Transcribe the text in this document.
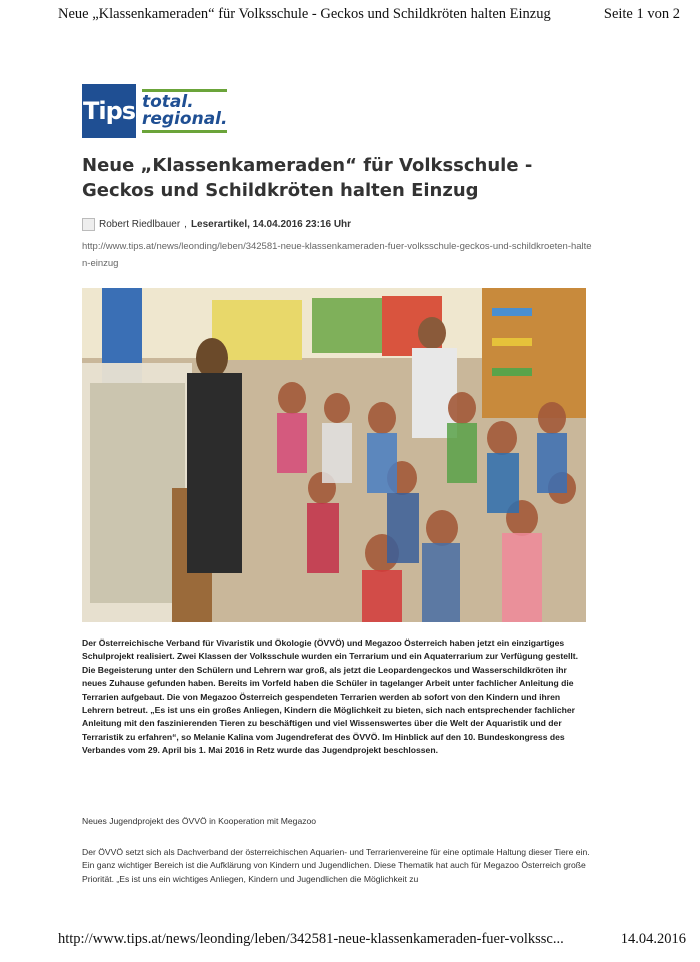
Neue „Klassenkameraden“ für Volksschule - Geckos und Schildkröten halten Einzug	Seite 1 von 2
Tips total.
regional.
Neue „Klassenkameraden“ für Volksschule - Geckos und Schildkröten halten Einzug
Robert Riedlbauer , Leserartikel, 14.04.2016 23:16 Uhr
http://www.tips.at/news/leonding/leben/342581-neue-klassenkameraden-fuer-volksschule-geckos-und-schildkroeten-halten-einzug

Der Österreichische Verband für Vivaristik und Ökologie (ÖVVÖ) und Megazoo Österreich haben jetzt ein einzigartiges Schulprojekt realisiert. Zwei Klassen der Volksschule wurden ein Terrarium und ein Aquaterrarium zur Verfügung gestellt. Die Begeisterung unter den Schülern und Lehrern war groß, als jetzt die Leopardengeckos und Wasserschildkröten ihr neues Zuhause gefunden haben. Bereits im Vorfeld haben die Schüler in tagelanger Arbeit unter fachlicher Anleitung die Terrarien aufgebaut. Die von Megazoo Österreich gespendeten Terrarien werden ab sofort von den Kindern und ihren Lehrern betreut. „Es ist uns ein großes Anliegen, Kindern die Möglichkeit zu bieten, sich nach entsprechender fachlicher Anleitung mit den faszinierenden Tieren zu beschäftigen und viel Wissenswertes über die Welt der Aquaristik und der Terraristik zu erfahren“, so Melanie Kalina vom Jugendreferat des ÖVVÖ. Im Hinblick auf den 10. Bundeskongress des Verbandes vom 29. April bis 1. Mai 2016 in Retz wurde das Jugendprojekt beschlossen.

Neues Jugendprojekt des ÖVVÖ in Kooperation mit Megazoo

Der ÖVVÖ setzt sich als Dachverband der österreichischen Aquarien- und Terrarienvereine für eine optimale Haltung dieser Tiere ein. Ein ganz wichtiger Bereich ist die Aufklärung von Kindern und Jugendlichen. Diese Thematik hat auch für Megazoo Österreich große Priorität. „Es ist uns ein wichtiges Anliegen, Kindern und Jugendlichen die Möglichkeit zu

http://www.tips.at/news/leonding/leben/342581-neue-klassenkameraden-fuer-volkssc...	14.04.2016
